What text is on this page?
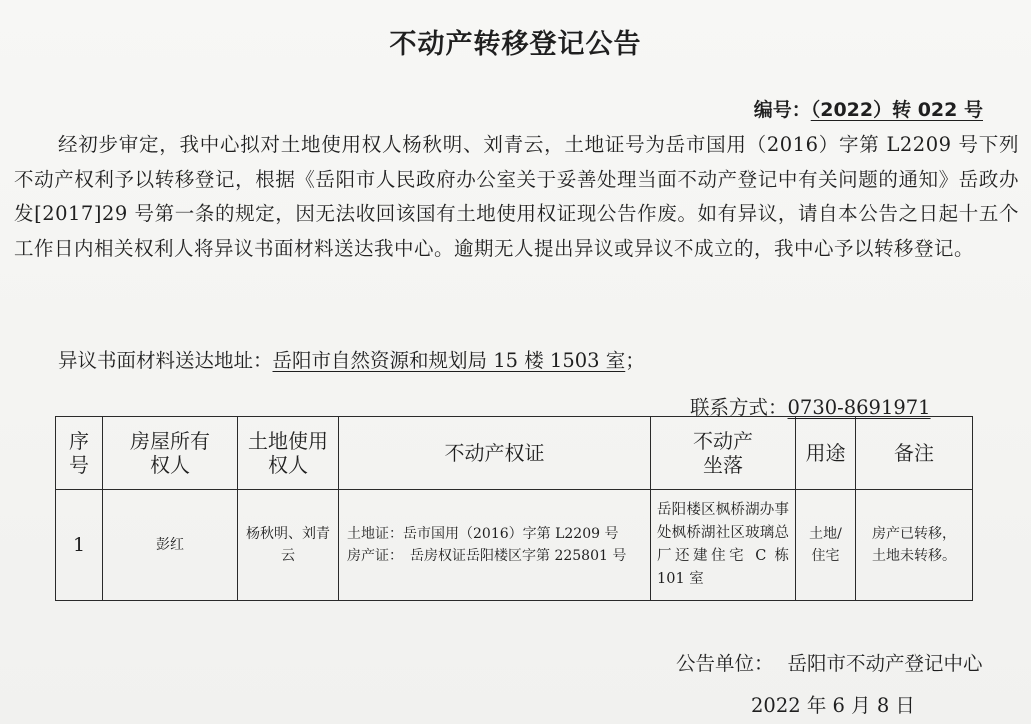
不动产转移登记公告
编号：（2022）转 022 号
经初步审定，我中心拟对土地使用权人杨秋明、刘青云，土地证号为岳市国用（2016）字第 L2209 号下列不动产权利予以转移登记，根据《岳阳市人民政府办公室关于妥善处理当面不动产登记中有关问题的通知》岳政办发[2017]29 号第一条的规定，因无法收回该国有土地使用权证现公告作废。如有异议，请自本公告之日起十五个工作日内相关权利人将异议书面材料送达我中心。逾期无人提出异议或异议不成立的，我中心予以转移登记。
异议书面材料送达地址：岳阳市自然资源和规划局 15 楼 1503 室；
联系方式：0730-8691971
序号	房屋所有权人	土地使用权人	不动产权证	不动产坐落	用途	备注
1	彭红	杨秋明、刘青云	土地证：岳市国用（2016）字第 L2209 号
房产证：　岳房权证岳阳楼区字第 225801 号	岳阳楼区枫桥湖办事处枫桥湖社区玻璃总厂还建住宅 C 栋 101 室	土地/住宅	房产已转移，土地未转移。
公告单位： 岳阳市不动产登记中心
2022 年 6 月 8 日
